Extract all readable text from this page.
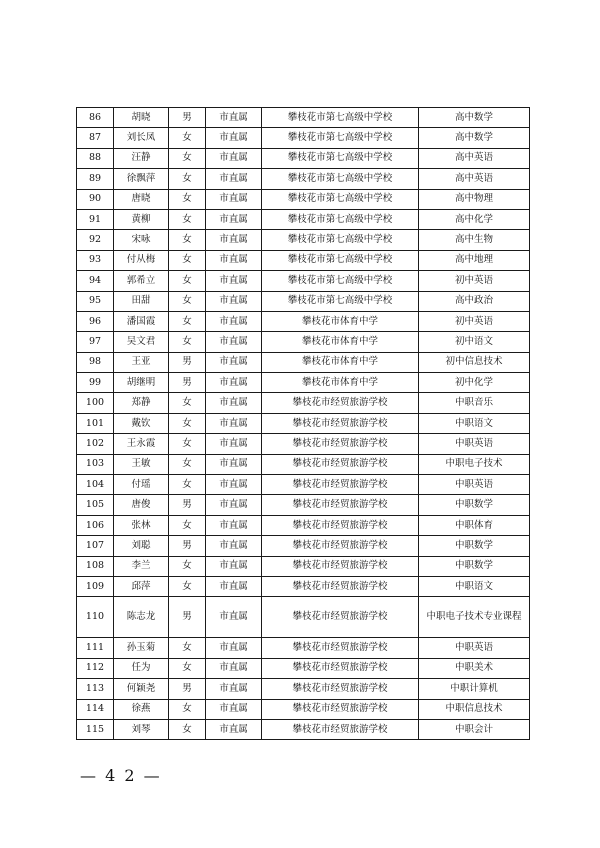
86	胡晓	男	市直属	攀枝花市第七高级中学校	高中数学
87	刘长凤	女	市直属	攀枝花市第七高级中学校	高中数学
88	汪静	女	市直属	攀枝花市第七高级中学校	高中英语
89	徐飘萍	女	市直属	攀枝花市第七高级中学校	高中英语
90	唐晓	女	市直属	攀枝花市第七高级中学校	高中物理
91	黄柳	女	市直属	攀枝花市第七高级中学校	高中化学
92	宋咏	女	市直属	攀枝花市第七高级中学校	高中生物
93	付从梅	女	市直属	攀枝花市第七高级中学校	高中地理
94	郭希立	女	市直属	攀枝花市第七高级中学校	初中英语
95	田甜	女	市直属	攀枝花市第七高级中学校	高中政治
96	潘国霞	女	市直属	攀枝花市体育中学	初中英语
97	吴文君	女	市直属	攀枝花市体育中学	初中语文
98	王亚	男	市直属	攀枝花市体育中学	初中信息技术
99	胡继明	男	市直属	攀枝花市体育中学	初中化学
100	郑静	女	市直属	攀枝花市经贸旅游学校	中职音乐
101	戴钦	女	市直属	攀枝花市经贸旅游学校	中职语文
102	王永霞	女	市直属	攀枝花市经贸旅游学校	中职英语
103	王敏	女	市直属	攀枝花市经贸旅游学校	中职电子技术
104	付瑶	女	市直属	攀枝花市经贸旅游学校	中职英语
105	唐俊	男	市直属	攀枝花市经贸旅游学校	中职数学
106	张林	女	市直属	攀枝花市经贸旅游学校	中职体育
107	刘聪	男	市直属	攀枝花市经贸旅游学校	中职数学
108	李兰	女	市直属	攀枝花市经贸旅游学校	中职数学
109	邱萍	女	市直属	攀枝花市经贸旅游学校	中职语文
110	陈志龙	男	市直属	攀枝花市经贸旅游学校	中职电子技术专业课程
111	孙玉菊	女	市直属	攀枝花市经贸旅游学校	中职英语
112	任为	女	市直属	攀枝花市经贸旅游学校	中职美术
113	何颖尧	男	市直属	攀枝花市经贸旅游学校	中职计算机
114	徐燕	女	市直属	攀枝花市经贸旅游学校	中职信息技术
115	刘琴	女	市直属	攀枝花市经贸旅游学校	中职会计
— 4 2 —
